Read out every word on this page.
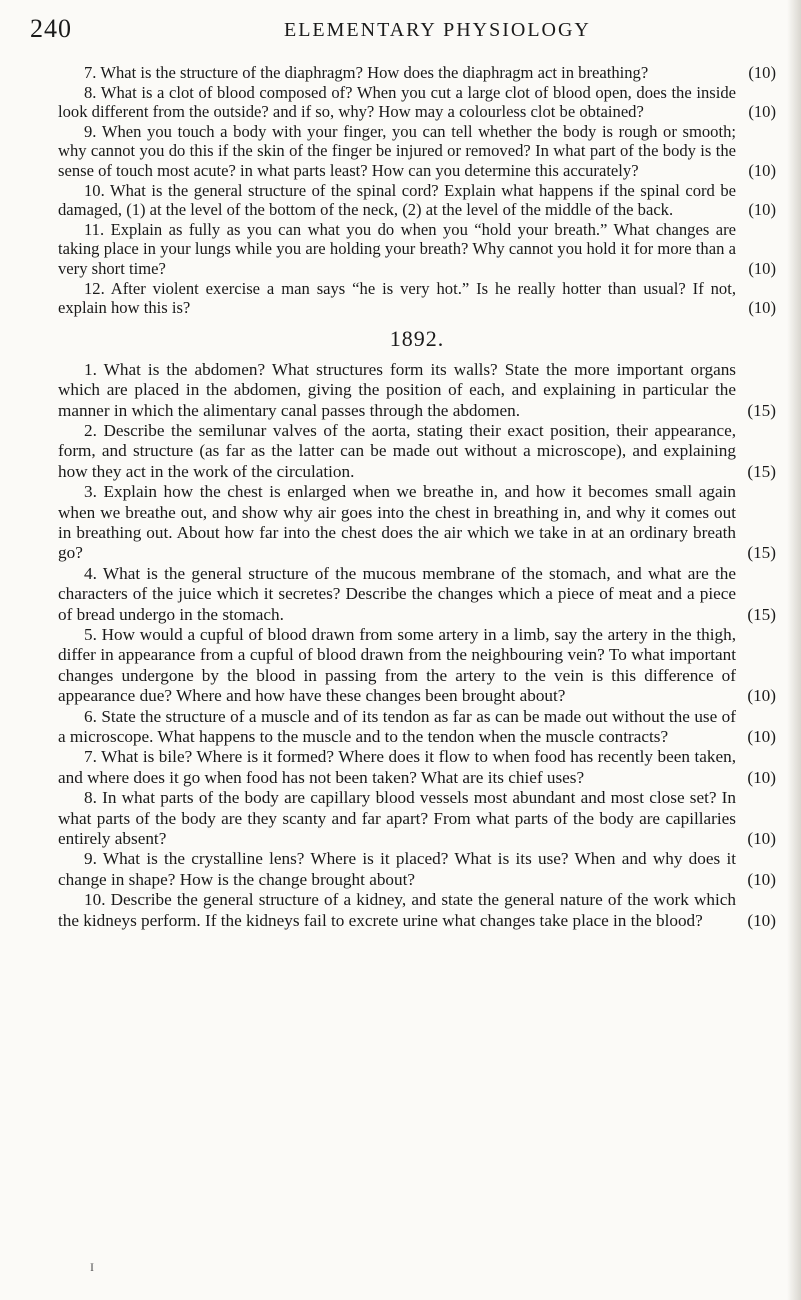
240	ELEMENTARY PHYSIOLOGY

7. What is the structure of the diaphragm? How does the diaphragm act in breathing?	(10)

8. What is a clot of blood composed of? When you cut a large clot of blood open, does the inside look different from the outside? and if so, why? How may a colourless clot be obtained?	(10)

9. When you touch a body with your finger, you can tell whether the body is rough or smooth; why cannot you do this if the skin of the finger be injured or removed? In what part of the body is the sense of touch most acute? in what parts least? How can you determine this accurately?	(10)

10. What is the general structure of the spinal cord? Explain what happens if the spinal cord be damaged, (1) at the level of the bottom of the neck, (2) at the level of the middle of the back.	(10)

11. Explain as fully as you can what you do when you “hold your breath.” What changes are taking place in your lungs while you are holding your breath? Why cannot you hold it for more than a very short time?	(10)

12. After violent exercise a man says “he is very hot.” Is he really hotter than usual? If not, explain how this is?	(10)

1892.

1. What is the abdomen? What structures form its walls? State the more important organs which are placed in the abdomen, giving the position of each, and explaining in particular the manner in which the alimentary canal passes through the abdomen.	(15)

2. Describe the semilunar valves of the aorta, stating their exact position, their appearance, form, and structure (as far as the latter can be made out without a microscope), and explaining how they act in the work of the circulation.	(15)

3. Explain how the chest is enlarged when we breathe in, and how it becomes small again when we breathe out, and show why air goes into the chest in breathing in, and why it comes out in breathing out. About how far into the chest does the air which we take in at an ordinary breath go?	(15)

4. What is the general structure of the mucous membrane of the stomach, and what are the characters of the juice which it secretes? Describe the changes which a piece of meat and a piece of bread undergo in the stomach.	(15)

5. How would a cupful of blood drawn from some artery in a limb, say the artery in the thigh, differ in appearance from a cupful of blood drawn from the neighbouring vein? To what important changes undergone by the blood in passing from the artery to the vein is this difference of appearance due? Where and how have these changes been brought about?	(10)

6. State the structure of a muscle and of its tendon as far as can be made out without the use of a microscope. What happens to the muscle and to the tendon when the muscle contracts?	(10)

7. What is bile? Where is it formed? Where does it flow to when food has recently been taken, and where does it go when food has not been taken? What are its chief uses?	(10)

8. In what parts of the body are capillary blood vessels most abundant and most close set? In what parts of the body are they scanty and far apart? From what parts of the body are capillaries entirely absent?	(10)

9. What is the crystalline lens? Where is it placed? What is its use? When and why does it change in shape? How is the change brought about?	(10)

10. Describe the general structure of a kidney, and state the general nature of the work which the kidneys perform. If the kidneys fail to excrete urine what changes take place in the blood?	(10)

I
